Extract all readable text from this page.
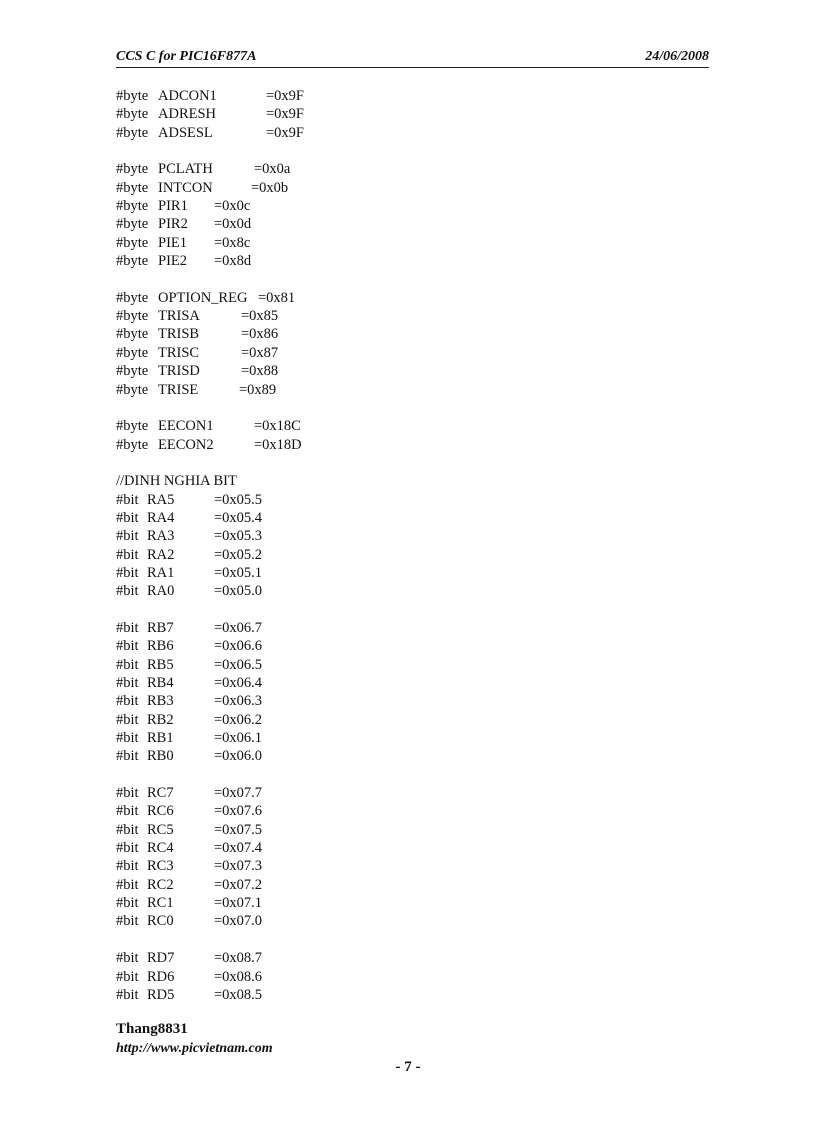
CCS C for PIC16F877A	24/06/2008
#byte ADCON1	=0x9F
#byte ADRESH	=0x9F
#byte ADSESL	=0x9F
#byte PCLATH	=0x0a
#byte INTCON	=0x0b
#byte PIR1 =0x0c
#byte PIR2 =0x0d
#byte PIE1 =0x8c
#byte PIE2 =0x8d
#byte OPTION_REG =0x81
#byte TRISA	=0x85
#byte TRISB	=0x86
#byte TRISC	=0x87
#byte TRISD	=0x88
#byte TRISE	=0x89
#byte EECON1	=0x18C
#byte EECON2	=0x18D
//DINH NGHIA BIT
#bit RA5	=0x05.5
#bit RA4	=0x05.4
#bit RA3	=0x05.3
#bit RA2	=0x05.2
#bit RA1	=0x05.1
#bit RA0	=0x05.0
#bit RB7	=0x06.7
#bit RB6	=0x06.6
#bit RB5	=0x06.5
#bit RB4	=0x06.4
#bit RB3	=0x06.3
#bit RB2	=0x06.2
#bit RB1	=0x06.1
#bit RB0	=0x06.0
#bit RC7	=0x07.7
#bit RC6	=0x07.6
#bit RC5	=0x07.5
#bit RC4	=0x07.4
#bit RC3	=0x07.3
#bit RC2	=0x07.2
#bit RC1	=0x07.1
#bit RC0	=0x07.0
#bit RD7	=0x08.7
#bit RD6	=0x08.6
#bit RD5	=0x08.5
Thang8831
http://www.picvietnam.com
- 7 -
